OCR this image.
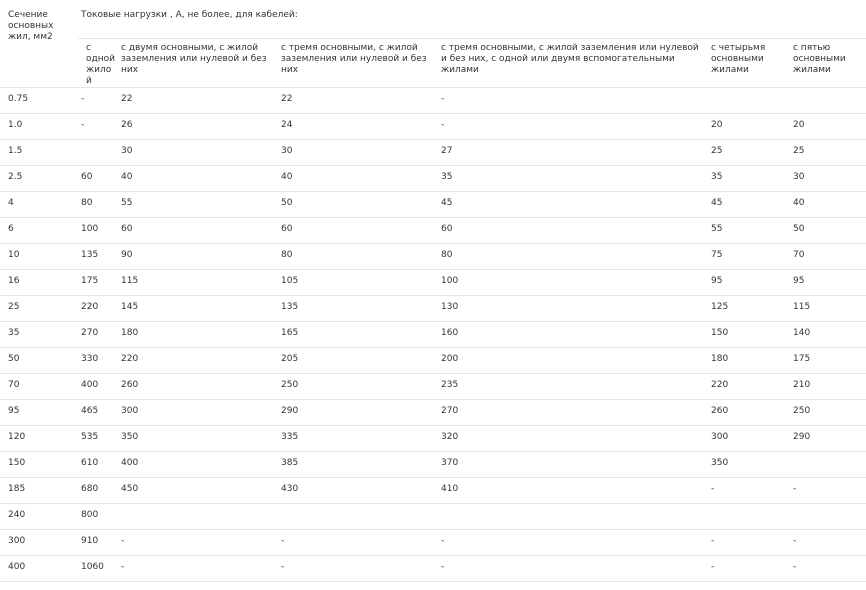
Сечение основных жил, мм2	Токовые нагрузки , А, не более, для кабелей:					
	с одной жилой	с двумя основными, с жилой заземления или нулевой и без них	с тремя основными, с жилой заземления или нулевой и без них	с тремя основными, с жилой заземления или нулевой и без них, с одной или двумя вспомогательными жилами	с четырьмя основными жилами	с пятью основными жилами
0.75	-	22	22	-		
1.0	-	26	24	-	20	20
1.5		30	30	27	25	25
2.5	60	40	40	35	35	30
4	80	55	50	45	45	40
6	100	60	60	60	55	50
10	135	90	80	80	75	70
16	175	115	105	100	95	95
25	220	145	135	130	125	115
35	270	180	165	160	150	140
50	330	220	205	200	180	175
70	400	260	250	235	220	210
95	465	300	290	270	260	250
120	535	350	335	320	300	290
150	610	400	385	370	350	
185	680	450	430	410	-	-
240	800					
300	910	-	-	-	-	-
400	1060	-	-	-	-	-
